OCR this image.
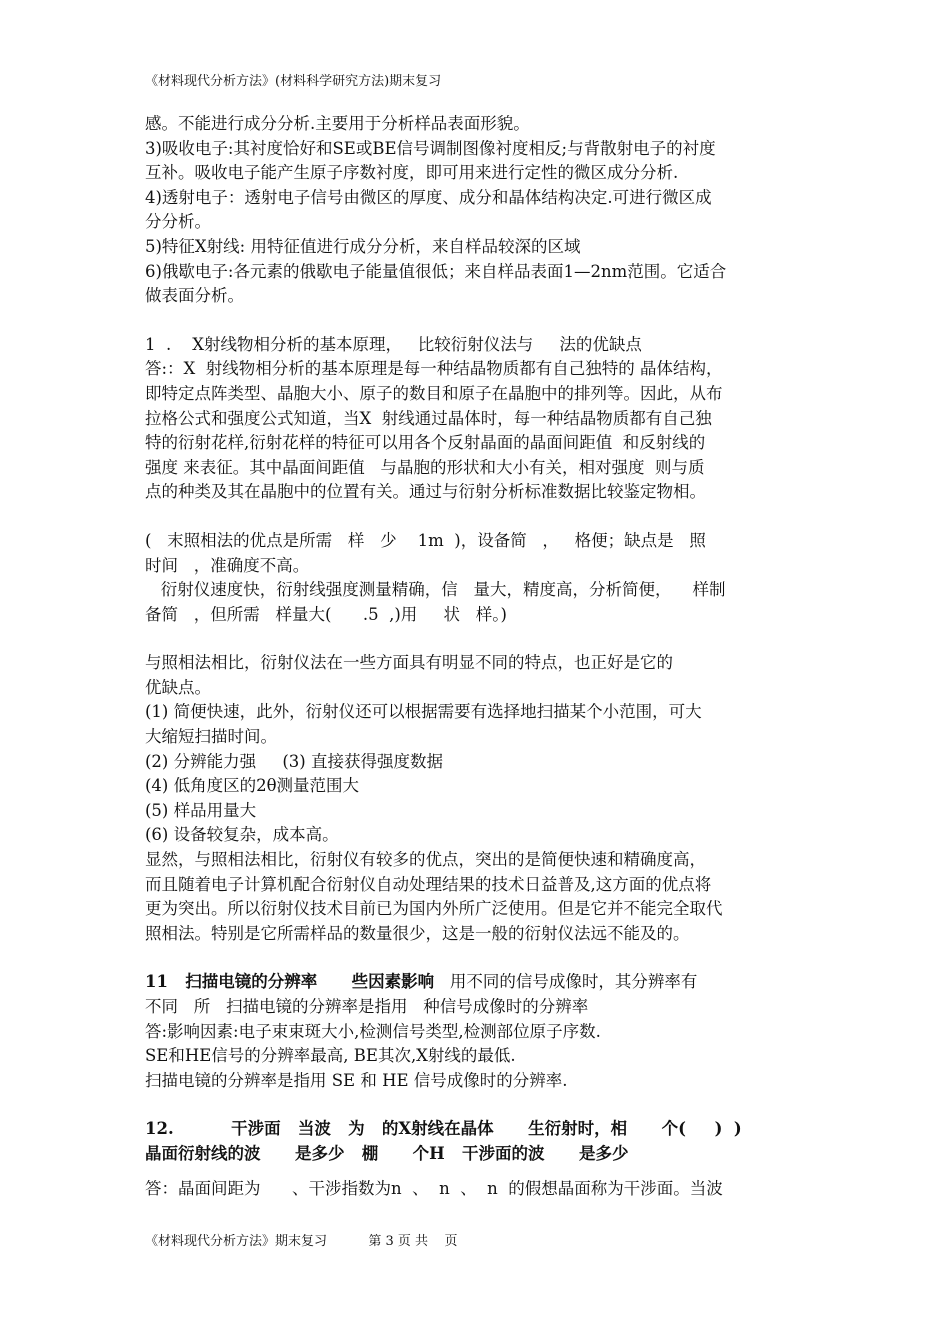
《材料现代分析方法》(材料科学研究方法)期末复习

感。不能进行成分分析.主要用于分析样品表面形貌。

3)吸收电子:其衬度恰好和SE或BE信号调制图像衬度相反;与背散射电子的衬度

互补。吸收电子能产生原子序数衬度，即可用来进行定性的微区成分分析.

4)透射电子：透射电子信号由微区的厚度、成分和晶体结构决定.可进行微区成

分分析。

5)特征X射线: 用特征值进行成分分析，来自样品较深的区域

6)俄歇电子:各元素的俄歇电子能量值很低；来自样品表面1—2nm范围。它适合

做表面分析。

1  .    X射线物相分析的基本原理，   比较衍射仪法与     法的优缺点

答:：X  射线物相分析的基本原理是每一种结晶物质都有自己独特的 晶体结构，

即特定点阵类型、晶胞大小、原子的数目和原子在晶胞中的排列等。因此，从布

拉格公式和强度公式知道，当X  射线通过晶体时，每一种结晶物质都有自己独

特的衍射花样,衍射花样的特征可以用各个反射晶面的晶面间距值  和反射线的

强度 来表征。其中晶面间距值   与晶胞的形状和大小有关，相对强度  则与质

点的种类及其在晶胞中的位置有关。通过与衍射分析标准数据比较鉴定物相。

(   末照相法的优点是所需   样   少    1m  )，设备简   ，   格便；缺点是   照

时间   ，准确度不高。

衍射仪速度快，衍射线强度测量精确，信   量大，精度高，分析简便，    样制

备简   ，但所需   样量大(      .5  ,)用     状   样。)

与照相法相比，衍射仪法在一些方面具有明显不同的特点，也正好是它的

优缺点。

(1) 简便快速，此外，衍射仪还可以根据需要有选择地扫描某个小范围，可大

大缩短扫描时间。

(2) 分辨能力强     (3) 直接获得强度数据

(4) 低角度区的2θ测量范围大

(5) 样品用量大

(6) 设备较复杂，成本高。

显然，与照相法相比，衍射仪有较多的优点，突出的是简便快速和精确度高，

而且随着电子计算机配合衍射仪自动处理结果的技术日益普及,这方面的优点将

更为突出。所以衍射仪技术目前已为国内外所广泛使用。但是它并不能完全取代

照相法。特别是它所需样品的数量很少，这是一般的衍射仪法远不能及的。

11   扫描电镜的分辨率      些因素影响   用不同的信号成像时，其分辨率有

不同   所   扫描电镜的分辨率是指用   种信号成像时的分辨率

答:影响因素:电子束束斑大小,检测信号类型,检测部位原子序数.

SE和HE信号的分辨率最高, BE其次,X射线的最低.

扫描电镜的分辨率是指用 SE 和 HE 信号成像时的分辨率.

12.          干涉面   当波   为   的X射线在晶体      生衍射时，相      个(     )  )

晶面衍射线的波      是多少   棚      个H   干涉面的波      是多少

答：晶面间距为      、干涉指数为n  、  n  、  n  的假想晶面称为干涉面。当波

《材料现代分析方法》期末复习	第 3 页 共    页
